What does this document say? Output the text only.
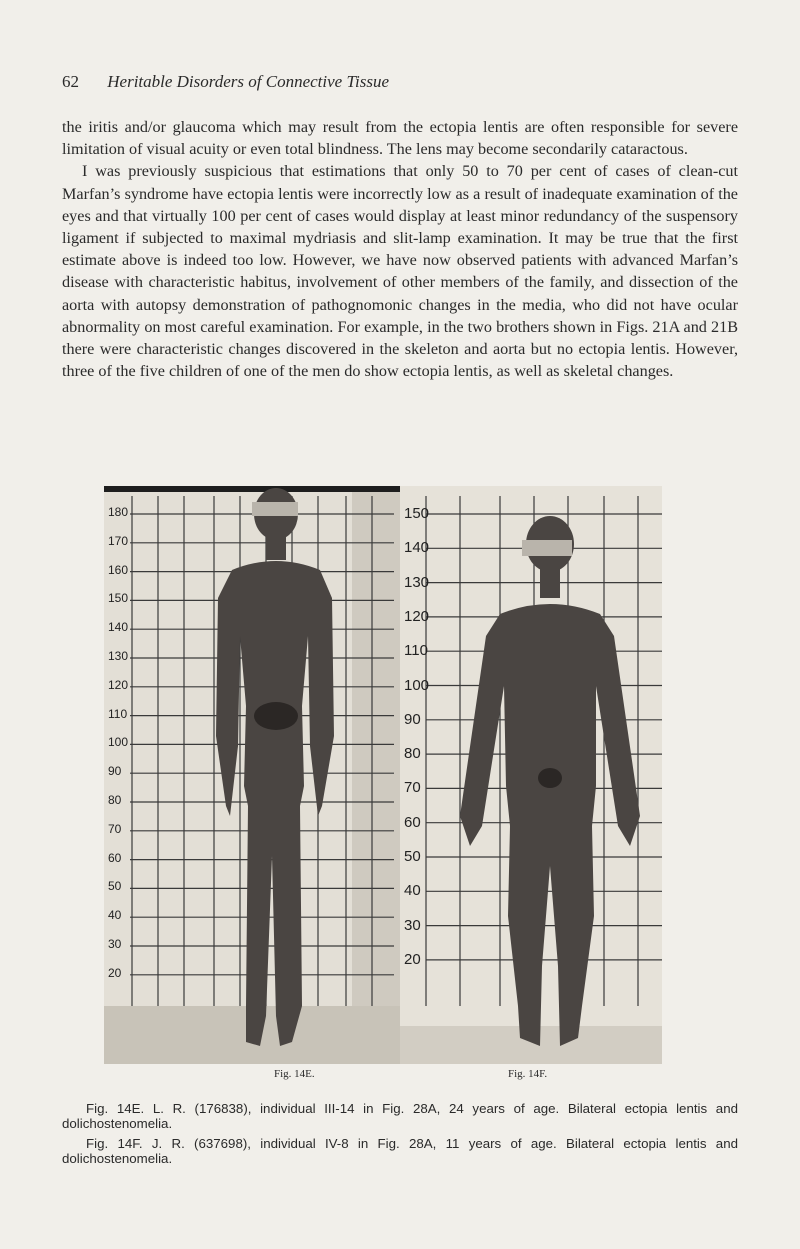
62 Heritable Disorders of Connective Tissue

the iritis and/or glaucoma which may result from the ectopia lentis are often responsible for severe limitation of visual acuity or even total blindness. The lens may become secondarily cataractous.

I was previously suspicious that estimations that only 50 to 70 per cent of cases of clean-cut Marfan’s syndrome have ectopia lentis were incorrectly low as a result of inadequate examination of the eyes and that virtually 100 per cent of cases would display at least minor redundancy of the suspensory ligament if subjected to maximal mydriasis and slit-lamp examination. It may be true that the first estimate above is indeed too low. However, we have now observed patients with advanced Marfan’s disease with characteristic habitus, involvement of other members of the family, and dissection of the aorta with autopsy demonstration of pathognomonic changes in the media, who did not have ocular abnormality on most careful examination. For example, in the two brothers shown in Figs. 21A and 21B there were characteristic changes discovered in the skeleton and aorta but no ectopia lentis. However, three of the five children of one of the men do show ectopia lentis, as well as skeletal changes.

180
170
160
150
140
130
120
110
100
90
80
70
60
50
40
30
20
150
140
130
120
110
100
90
80
70
60
50
40
30
20
Fig. 14E.	Fig. 14F.

Fig. 14E. L. R. (176838), individual III-14 in Fig. 28A, 24 years of age. Bilateral ectopia lentis and dolichostenomelia.

Fig. 14F. J. R. (637698), individual IV-8 in Fig. 28A, 11 years of age. Bilateral ectopia lentis and dolichostenomelia.
